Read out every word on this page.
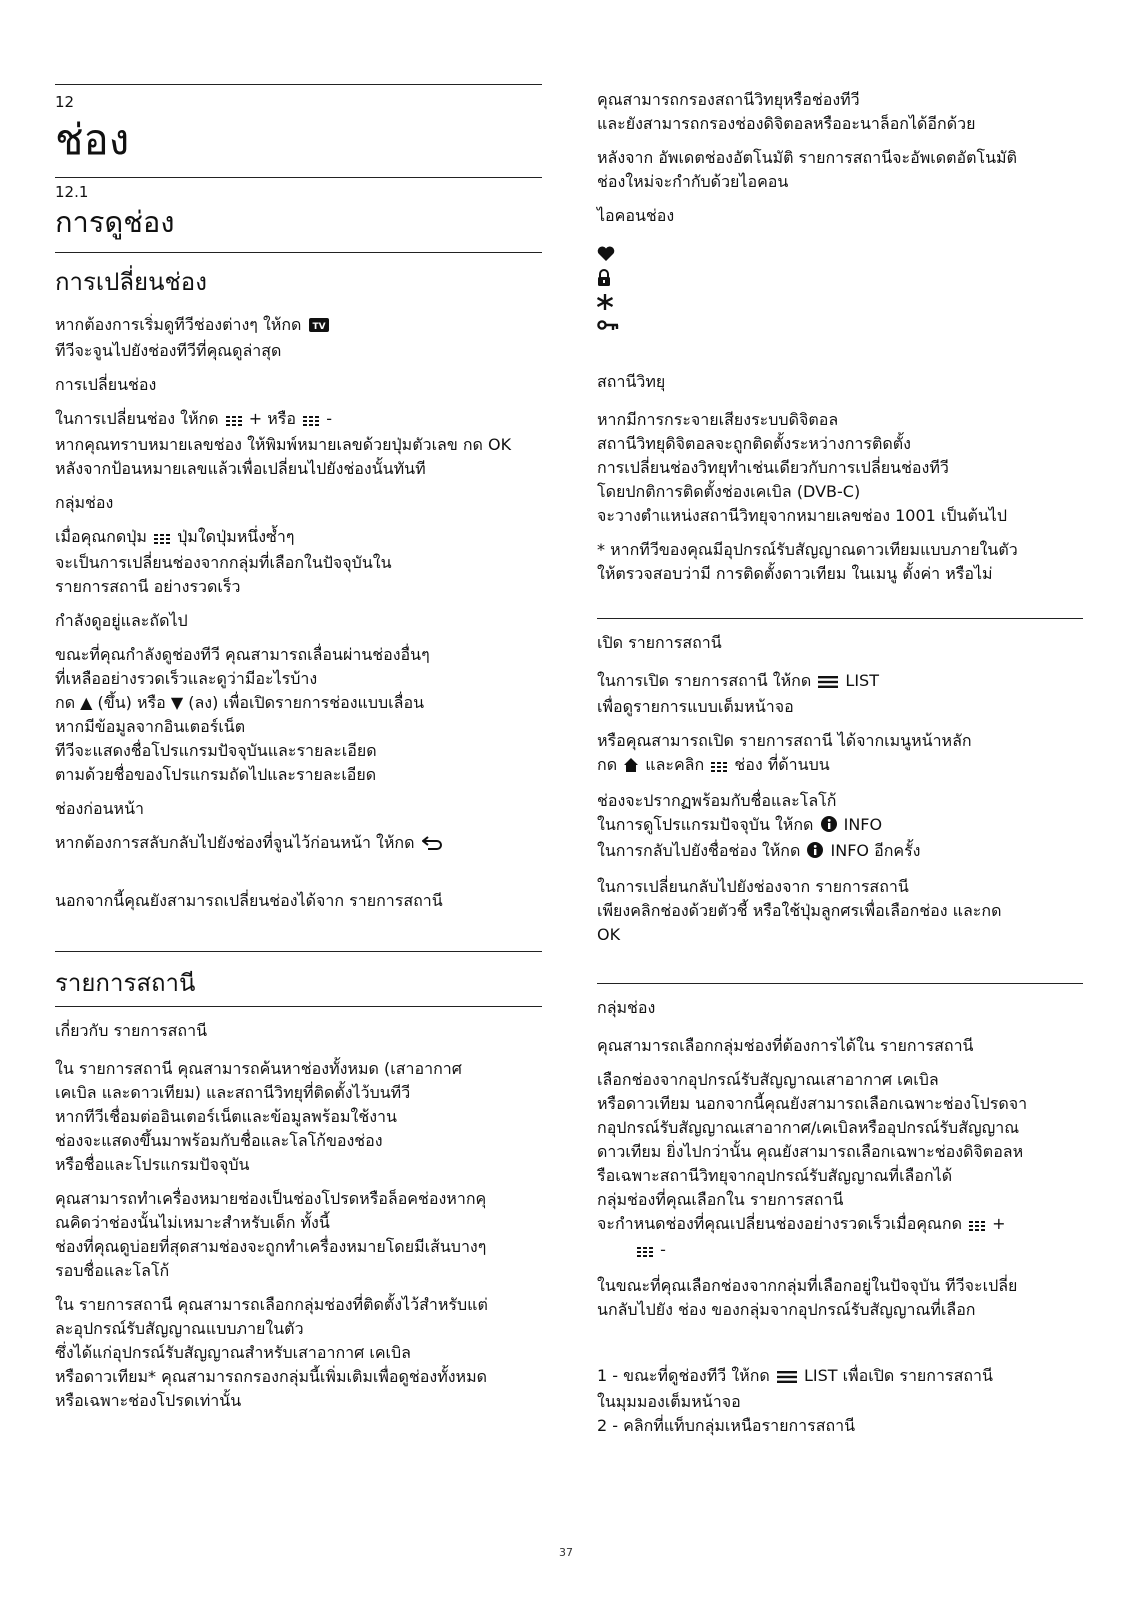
12
ช่อง
12.1
การดูช่อง
การเปลี่ยนช่อง

หากต้องการเริ่มดูทีวีช่องต่างๆ ให้กด TV

ทีวีจะจูนไปยังช่องทีวีที่คุณดูล่าสุด

การเปลี่ยนช่อง

ในการเปลี่ยนช่อง ให้กด + หรือ -

หากคุณทราบหมายเลขช่อง ให้พิมพ์หมายเลขด้วยปุ่มตัวเลข กด OK หลังจากป้อนหมายเลขแล้วเพื่อเปลี่ยนไปยังช่องนั้นทันที

กลุ่มช่อง

เมื่อคุณกดปุ่ม ปุ่มใดปุ่มหนึ่งซ้ำๆ

จะเป็นการเปลี่ยนช่องจากกลุ่มที่เลือกในปัจจุบันใน

รายการสถานี อย่างรวดเร็ว

กำลังดูอยู่และถัดไป

ขณะที่คุณกำลังดูช่องทีวี คุณสามารถเลื่อนผ่านช่องอื่นๆ

ที่เหลืออย่างรวดเร็วและดูว่ามีอะไรบ้าง

กด ▲ (ขึ้น) หรือ ▼ (ลง) เพื่อเปิดรายการช่องแบบเลื่อน

หากมีข้อมูลจากอินเตอร์เน็ต

ทีวีจะแสดงชื่อโปรแกรมปัจจุบันและรายละเอียด

ตามด้วยชื่อของโปรแกรมถัดไปและรายละเอียด

ช่องก่อนหน้า

หากต้องการสลับกลับไปยังช่องที่จูนไว้ก่อนหน้า ให้กด

นอกจากนี้คุณยังสามารถเปลี่ยนช่องได้จาก รายการสถานี

รายการสถานี

เกี่ยวกับ รายการสถานี

ใน รายการสถานี คุณสามารถค้นหาช่องทั้งหมด (เสาอากาศ

เคเบิล และดาวเทียม) และสถานีวิทยุที่ติดตั้งไว้บนทีวี

หากทีวีเชื่อมต่ออินเตอร์เน็ตและข้อมูลพร้อมใช้งาน

ช่องจะแสดงขึ้นมาพร้อมกับชื่อและโลโก้ของช่อง

หรือชื่อและโปรแกรมปัจจุบัน

คุณสามารถทำเครื่องหมายช่องเป็นช่องโปรดหรือล็อคช่องหากคุ

ณคิดว่าช่องนั้นไม่เหมาะสำหรับเด็ก ทั้งนี้

ช่องที่คุณดูบ่อยที่สุดสามช่องจะถูกทำเครื่องหมายโดยมีเส้นบางๆ

รอบชื่อและโลโก้

ใน รายการสถานี คุณสามารถเลือกกลุ่มช่องที่ติดตั้งไว้สำหรับแต่

ละอุปกรณ์รับสัญญาณแบบภายในตัว

ซึ่งได้แก่อุปกรณ์รับสัญญาณสำหรับเสาอากาศ เคเบิล

หรือดาวเทียม* คุณสามารถกรองกลุ่มนี้เพิ่มเติมเพื่อดูช่องทั้งหมด

หรือเฉพาะช่องโปรดเท่านั้น

คุณสามารถกรองสถานีวิทยุหรือช่องทีวี

และยังสามารถกรองช่องดิจิตอลหรืออะนาล็อกได้อีกด้วย

หลังจาก อัพเดตช่องอัตโนมัติ รายการสถานีจะอัพเดตอัตโนมัติ

ช่องใหม่จะกำกับด้วยไอคอน

ไอคอนช่อง

สถานีวิทยุ

หากมีการกระจายเสียงระบบดิจิตอล

สถานีวิทยุดิจิตอลจะถูกติดตั้งระหว่างการติดตั้ง

การเปลี่ยนช่องวิทยุทำเช่นเดียวกับการเปลี่ยนช่องทีวี

โดยปกติการติดตั้งช่องเคเบิล (DVB-C)

จะวางตำแหน่งสถานีวิทยุจากหมายเลขช่อง 1001 เป็นต้นไป

* หากทีวีของคุณมีอุปกรณ์รับสัญญาณดาวเทียมแบบภายในตัว

ให้ตรวจสอบว่ามี การติดตั้งดาวเทียม ในเมนู ตั้งค่า หรือไม่

เปิด รายการสถานี

ในการเปิด รายการสถานี ให้กด LIST

เพื่อดูรายการแบบเต็มหน้าจอ

หรือคุณสามารถเปิด รายการสถานี ได้จากเมนูหน้าหลัก

กด และคลิก ช่อง ที่ด้านบน

ช่องจะปรากฏพร้อมกับชื่อและโลโก้

ในการดูโปรแกรมปัจจุบัน ให้กด INFO

ในการกลับไปยังชื่อช่อง ให้กด INFO อีกครั้ง

ในการเปลี่ยนกลับไปยังช่องจาก รายการสถานี

เพียงคลิกช่องด้วยตัวชี้ หรือใช้ปุ่มลูกศรเพื่อเลือกช่อง และกด

OK

กลุ่มช่อง

คุณสามารถเลือกกลุ่มช่องที่ต้องการได้ใน รายการสถานี

เลือกช่องจากอุปกรณ์รับสัญญาณเสาอากาศ เคเบิล

หรือดาวเทียม นอกจากนี้คุณยังสามารถเลือกเฉพาะช่องโปรดจา

กอุปกรณ์รับสัญญาณเสาอากาศ/เคเบิลหรืออุปกรณ์รับสัญญาณ

ดาวเทียม ยิ่งไปกว่านั้น คุณยังสามารถเลือกเฉพาะช่องดิจิตอลห

รือเฉพาะสถานีวิทยุจากอุปกรณ์รับสัญญาณที่เลือกได้

กลุ่มช่องที่คุณเลือกใน รายการสถานี

จะกำหนดช่องที่คุณเปลี่ยนช่องอย่างรวดเร็วเมื่อคุณกด +

-

ในขณะที่คุณเลือกช่องจากกลุ่มที่เลือกอยู่ในปัจจุบัน ทีวีจะเปลี่ย

นกลับไปยัง ช่อง ของกลุ่มจากอุปกรณ์รับสัญญาณที่เลือก

1 - ขณะที่ดูช่องทีวี ให้กด LIST เพื่อเปิด รายการสถานี

ในมุมมองเต็มหน้าจอ

2 - คลิกที่แท็บกลุ่มเหนือรายการสถานี

37
